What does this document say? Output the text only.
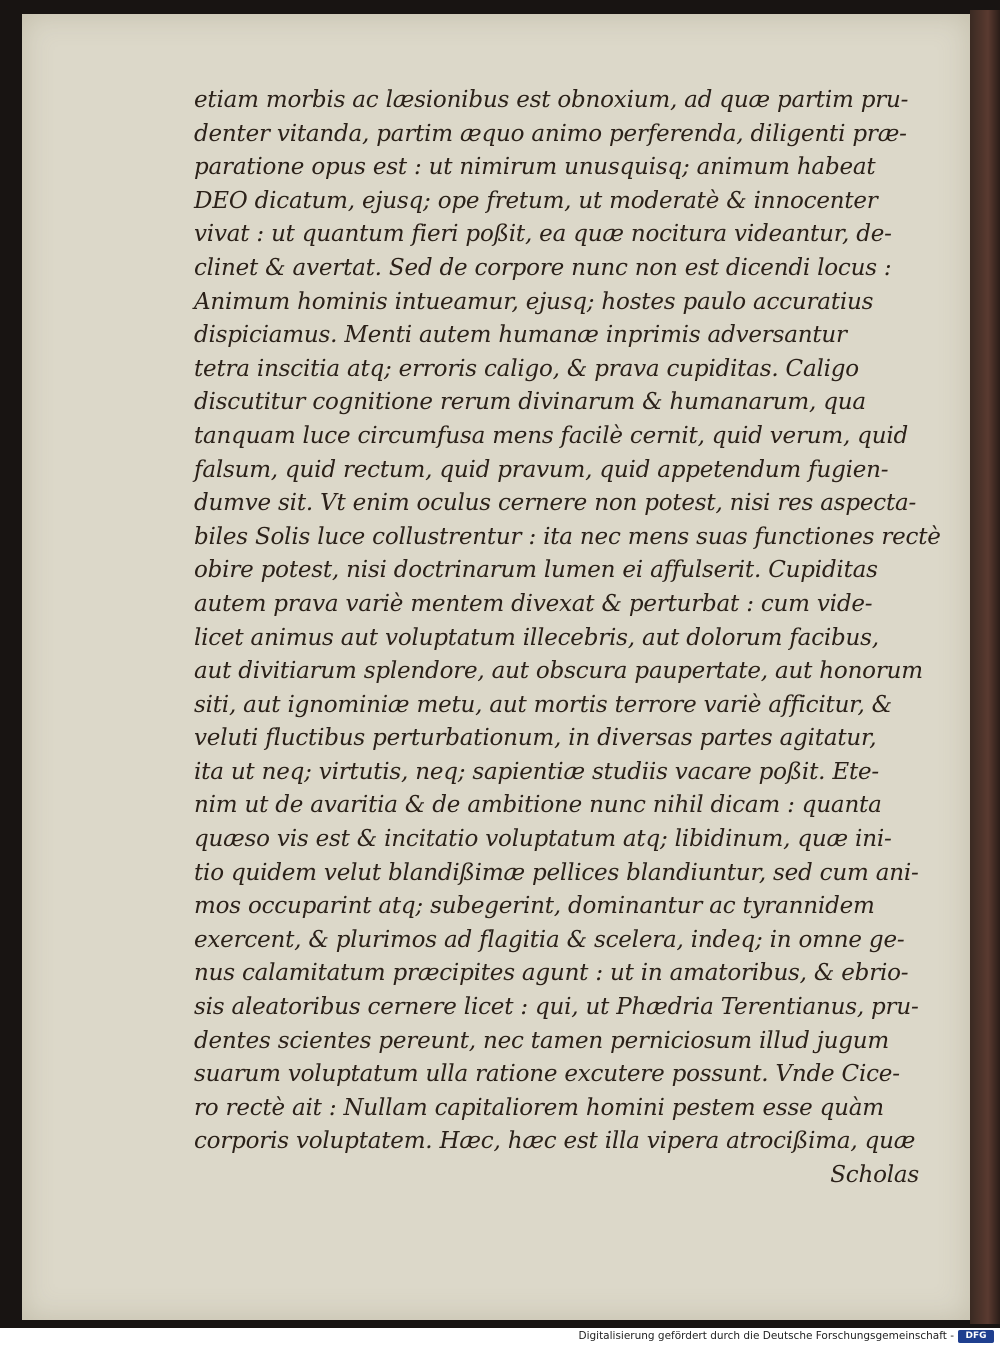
etiam morbis ac læsionibus est obnoxium, ad quæ partim pru-
denter vitanda, partim æquo animo perferenda, diligenti præ-
paratione opus est : ut nimirum unusquisq; animum habeat
DEO dicatum, ejusq; ope fretum, ut moderatè & innocenter
vivat : ut quantum fieri poßit, ea quæ nocitura videantur, de-
clinet & avertat. Sed de corpore nunc non est dicendi locus :
Animum hominis intueamur, ejusq; hostes paulo accuratius
dispiciamus. Menti autem humanæ inprimis adversantur
tetra inscitia atq; erroris caligo, & prava cupiditas. Caligo
discutitur cognitione rerum divinarum & humanarum, qua
tanquam luce circumfusa mens facilè cernit, quid verum, quid
falsum, quid rectum, quid pravum, quid appetendum fugien-
dumve sit. Vt enim oculus cernere non potest, nisi res aspecta-
biles Solis luce collustrentur : ita nec mens suas functiones rectè
obire potest, nisi doctrinarum lumen ei affulserit. Cupiditas
autem prava variè mentem divexat & perturbat : cum vide-
licet animus aut voluptatum illecebris, aut dolorum facibus,
aut divitiarum splendore, aut obscura paupertate, aut honorum
siti, aut ignominiæ metu, aut mortis terrore variè afficitur, &
veluti fluctibus perturbationum, in diversas partes agitatur,
ita ut neq; virtutis, neq; sapientiæ studiis vacare poßit. Ete-
nim ut de avaritia & de ambitione nunc nihil dicam : quanta
quæso vis est & incitatio voluptatum atq; libidinum, quæ ini-
tio quidem velut blandißimæ pellices blandiuntur, sed cum ani-
mos occuparint atq; subegerint, dominantur ac tyrannidem
exercent, & plurimos ad flagitia & scelera, indeq; in omne ge-
nus calamitatum præcipites agunt : ut in amatoribus, & ebrio-
sis aleatoribus cernere licet : qui, ut Phædria Terentianus, pru-
dentes scientes pereunt, nec tamen perniciosum illud jugum
suarum voluptatum ulla ratione excutere possunt. Vnde Cice-
ro rectè ait : Nullam capitaliorem homini pestem esse quàm
corporis voluptatem. Hæc, hæc est illa vipera atrocißima, quæ
Scholas
Digitalisierung gefördert durch die Deutsche Forschungsgemeinschaft -	DFG
